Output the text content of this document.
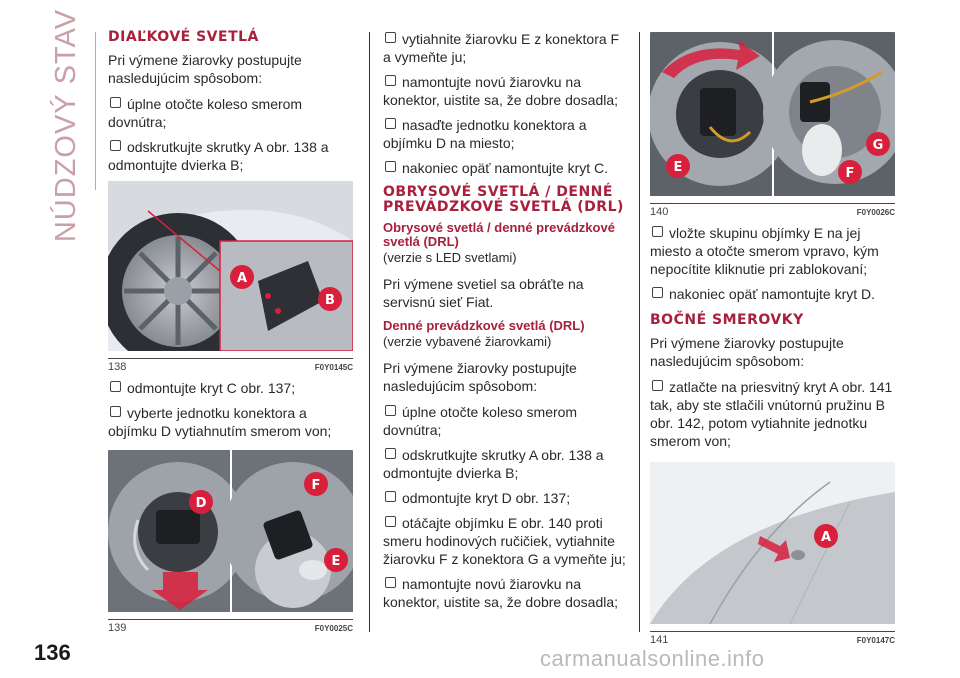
NÚDZOVÝ STAV
136
DIAĽKOVÉ SVETLÁ

Pri výmene žiarovky postupujte nasledujúcim spôsobom:

úplne otočte koleso smerom dovnútra;
odskrutkujte skrutky A obr. 138 a odmontujte dvierka B;
A
B
138	F0Y0145C
odmontujte kryt C obr. 137;
vyberte jednotku konektora a objímku D vytiahnutím smerom von;
D
F
E
139	F0Y0025C
vytiahnite žiarovku E z konektora F a vymeňte ju;
namontujte novú žiarovku na konektor, uistite sa, že dobre dosadla;
nasaďte jednotku konektora a objímku D na miesto;
nakoniec opäť namontujte kryt C.
OBRYSOVÉ SVETLÁ / DENNÉ PREVÁDZKOVÉ SVETLÁ (DRL)
Obrysové svetlá / denné prevádzkové svetlá (DRL)

(verzie s LED svetlami)

Pri výmene svetiel sa obráťte na servisnú sieť Fiat.

Denné prevádzkové svetlá (DRL)

(verzie vybavené žiarovkami)

Pri výmene žiarovky postupujte nasledujúcim spôsobom:

úplne otočte koleso smerom dovnútra;
odskrutkujte skrutky A obr. 138 a odmontujte dvierka B;
odmontujte kryt D obr. 137;
otáčajte objímku E obr. 140 proti smeru hodinových ručičiek, vytiahnite žiarovku F z konektora G a vymeňte ju;
namontujte novú žiarovku na konektor, uistite sa, že dobre dosadla;
G
E	F
140	F0Y0026C
vložte skupinu objímky E na jej miesto a otočte smerom vpravo, kým nepocítite kliknutie pri zablokovaní;
nakoniec opäť namontujte kryt D.
BOČNÉ SMEROVKY

Pri výmene žiarovky postupujte nasledujúcim spôsobom:

zatlačte na priesvitný kryt A obr. 141 tak, aby ste stlačili vnútornú pružinu B obr. 142, potom vytiahnite jednotku smerom von;
A
141	F0Y0147C
carmanualsonline.info
